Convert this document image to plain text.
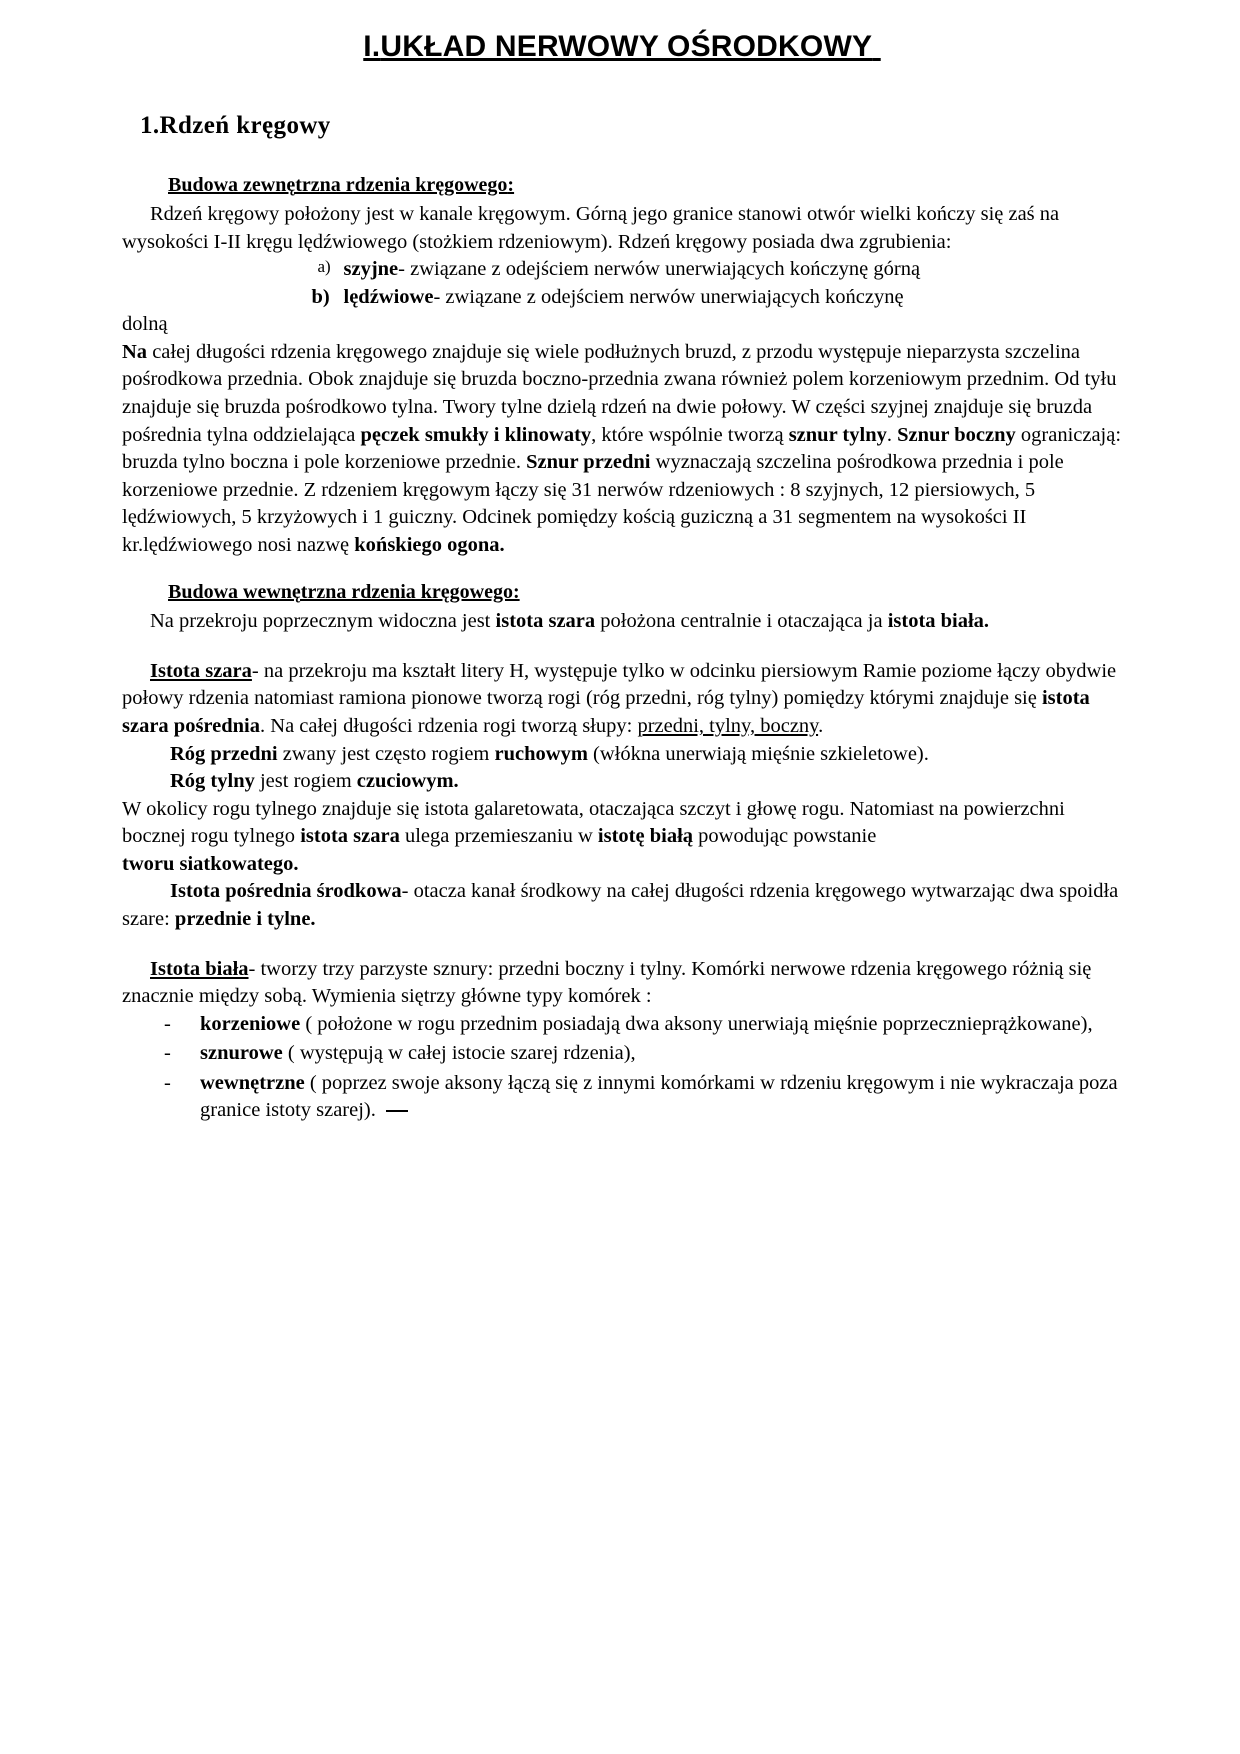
I.UKŁAD NERWOWY OŚRODKOWY
1.Rdzeń kręgowy
Budowa zewnętrzna rdzenia kręgowego:

Rdzeń kręgowy położony jest w kanale kręgowym. Górną jego granice stanowi otwór wielki kończy się zaś na wysokości I-II kręgu lędźwiowego (stożkiem rdzeniowym). Rdzeń kręgowy posiada dwa zgrubienia:

a) szyjne- związane z odejściem nerwów unerwiających kończynę górną
b) lędźwiowe- związane z odejściem nerwów unerwiających kończynę

dolną

Na całej długości rdzenia kręgowego znajduje się wiele podłużnych bruzd, z przodu występuje nieparzysta szczelina pośrodkowa przednia. Obok znajduje się bruzda boczno-przednia zwana również polem korzeniowym przednim. Od tyłu znajduje się bruzda pośrodkowo tylna. Twory tylne dzielą rdzeń na dwie połowy. W części szyjnej znajduje się bruzda pośrednia tylna oddzielająca pęczek smukły i klinowaty, które wspólnie tworzą sznur tylny. Sznur boczny ograniczają: bruzda tylno boczna i pole korzeniowe przednie. Sznur przedni wyznaczają szczelina pośrodkowa przednia i pole korzeniowe przednie. Z rdzeniem kręgowym łączy się 31 nerwów rdzeniowych : 8 szyjnych, 12 piersiowych, 5 lędźwiowych, 5 krzyżowych i 1 guiczny. Odcinek pomiędzy kością guziczną a 31 segmentem na wysokości II kr.lędźwiowego nosi nazwę końskiego ogona.

Budowa wewnętrzna rdzenia kręgowego:

Na przekroju poprzecznym widoczna jest istota szara położona centralnie i otaczająca ja istota biała.

Istota szara- na przekroju ma kształt litery H, występuje tylko w odcinku piersiowym Ramie poziome łączy obydwie połowy rdzenia natomiast ramiona pionowe tworzą rogi (róg przedni, róg tylny) pomiędzy którymi znajduje się istota szara pośrednia. Na całej długości rdzenia rogi tworzą słupy: przedni, tylny, boczny.

Róg przedni zwany jest często rogiem ruchowym (włókna unerwiają mięśnie szkieletowe).

Róg tylny jest rogiem czuciowym.

W okolicy rogu tylnego znajduje się istota galaretowata, otaczająca szczyt i głowę rogu. Natomiast na powierzchni bocznej rogu tylnego istota szara ulega przemieszaniu w istotę białą powodując powstanie

tworu siatkowatego.

Istota pośrednia środkowa- otacza kanał środkowy na całej długości rdzenia kręgowego wytwarzając dwa spoidła szare: przednie i tylne.

Istota biała- tworzy trzy parzyste sznury: przedni boczny i tylny. Komórki nerwowe rdzenia kręgowego różnią się znacznie między sobą. Wymienia siętrzy główne typy komórek :

- korzeniowe ( położone w rogu przednim posiadają dwa aksony unerwiają mięśnie poprzecznieprążkowane),
- sznurowe ( występują w całej istocie szarej rdzenia),
- wewnętrzne ( poprzez swoje aksony łączą się z innymi komórkami w rdzeniu kręgowym i nie wykraczaja poza granice istoty szarej).
